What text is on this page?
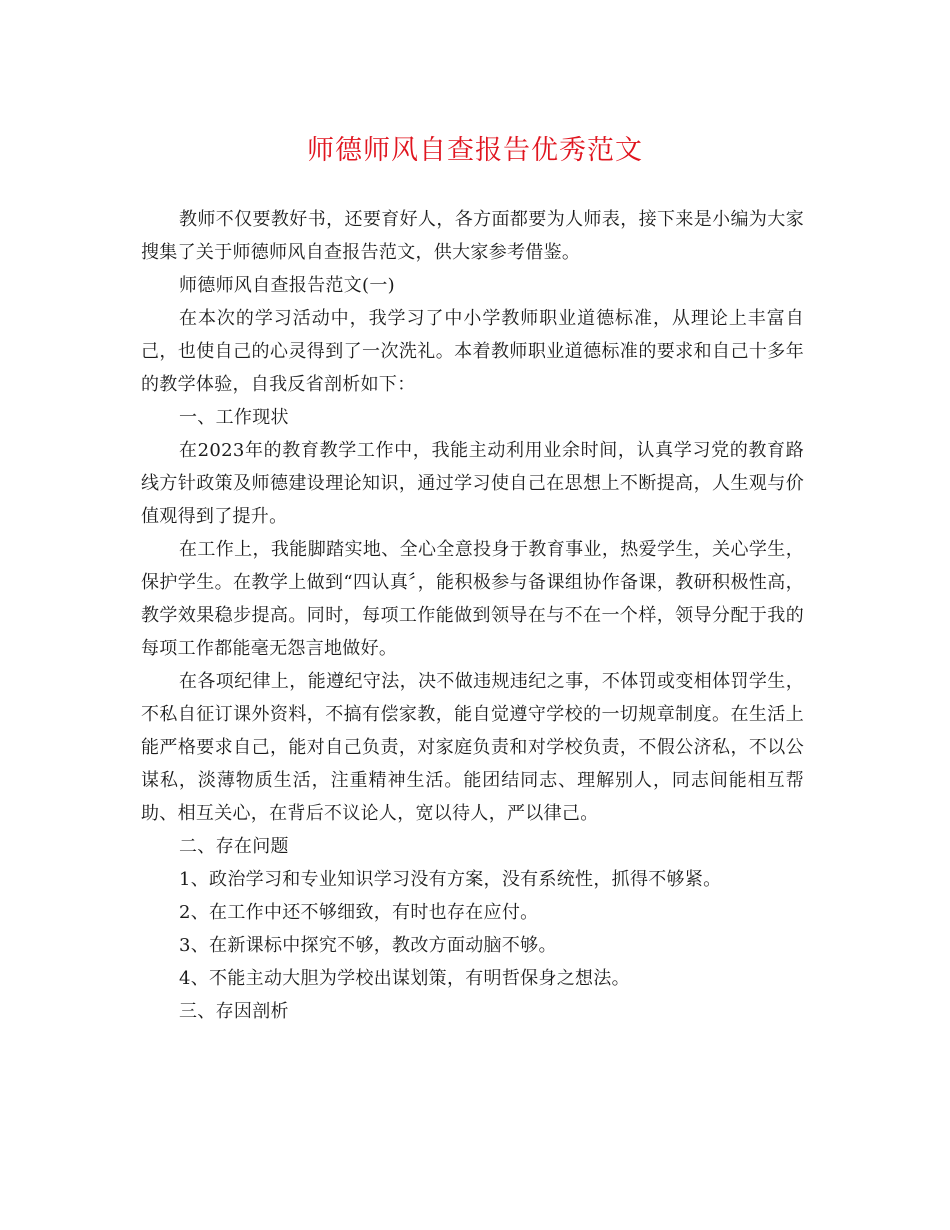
师德师风自查报告优秀范文

教师不仅要教好书，还要育好人，各方面都要为人师表，接下来是小编为大家搜集了关于师德师风自查报告范文，供大家参考借鉴。

师德师风自查报告范文(一)

在本次的学习活动中，我学习了中小学教师职业道德标准，从理论上丰富自己，也使自己的心灵得到了一次洗礼。本着教师职业道德标准的要求和自己十多年的教学体验，自我反省剖析如下：

一、工作现状

在2023年的教育教学工作中，我能主动利用业余时间，认真学习党的教育路线方针政策及师德建设理论知识，通过学习使自己在思想上不断提高，人生观与价值观得到了提升。

在工作上，我能脚踏实地、全心全意投身于教育事业，热爱学生，关心学生，保护学生。在教学上做到“四认真〞，能积极参与备课组协作备课，教研积极性高，教学效果稳步提高。同时，每项工作能做到领导在与不在一个样，领导分配于我的每项工作都能毫无怨言地做好。

在各项纪律上，能遵纪守法，决不做违规违纪之事，不体罚或变相体罚学生，不私自征订课外资料，不搞有偿家教，能自觉遵守学校的一切规章制度。在生活上能严格要求自己，能对自己负责，对家庭负责和对学校负责，不假公济私，不以公谋私，淡薄物质生活，注重精神生活。能团结同志、理解别人，同志间能相互帮助、相互关心，在背后不议论人，宽以待人，严以律己。

二、存在问题

1、政治学习和专业知识学习没有方案，没有系统性，抓得不够紧。

2、在工作中还不够细致，有时也存在应付。

3、在新课标中探究不够，教改方面动脑不够。

4、不能主动大胆为学校出谋划策，有明哲保身之想法。

三、存因剖析
